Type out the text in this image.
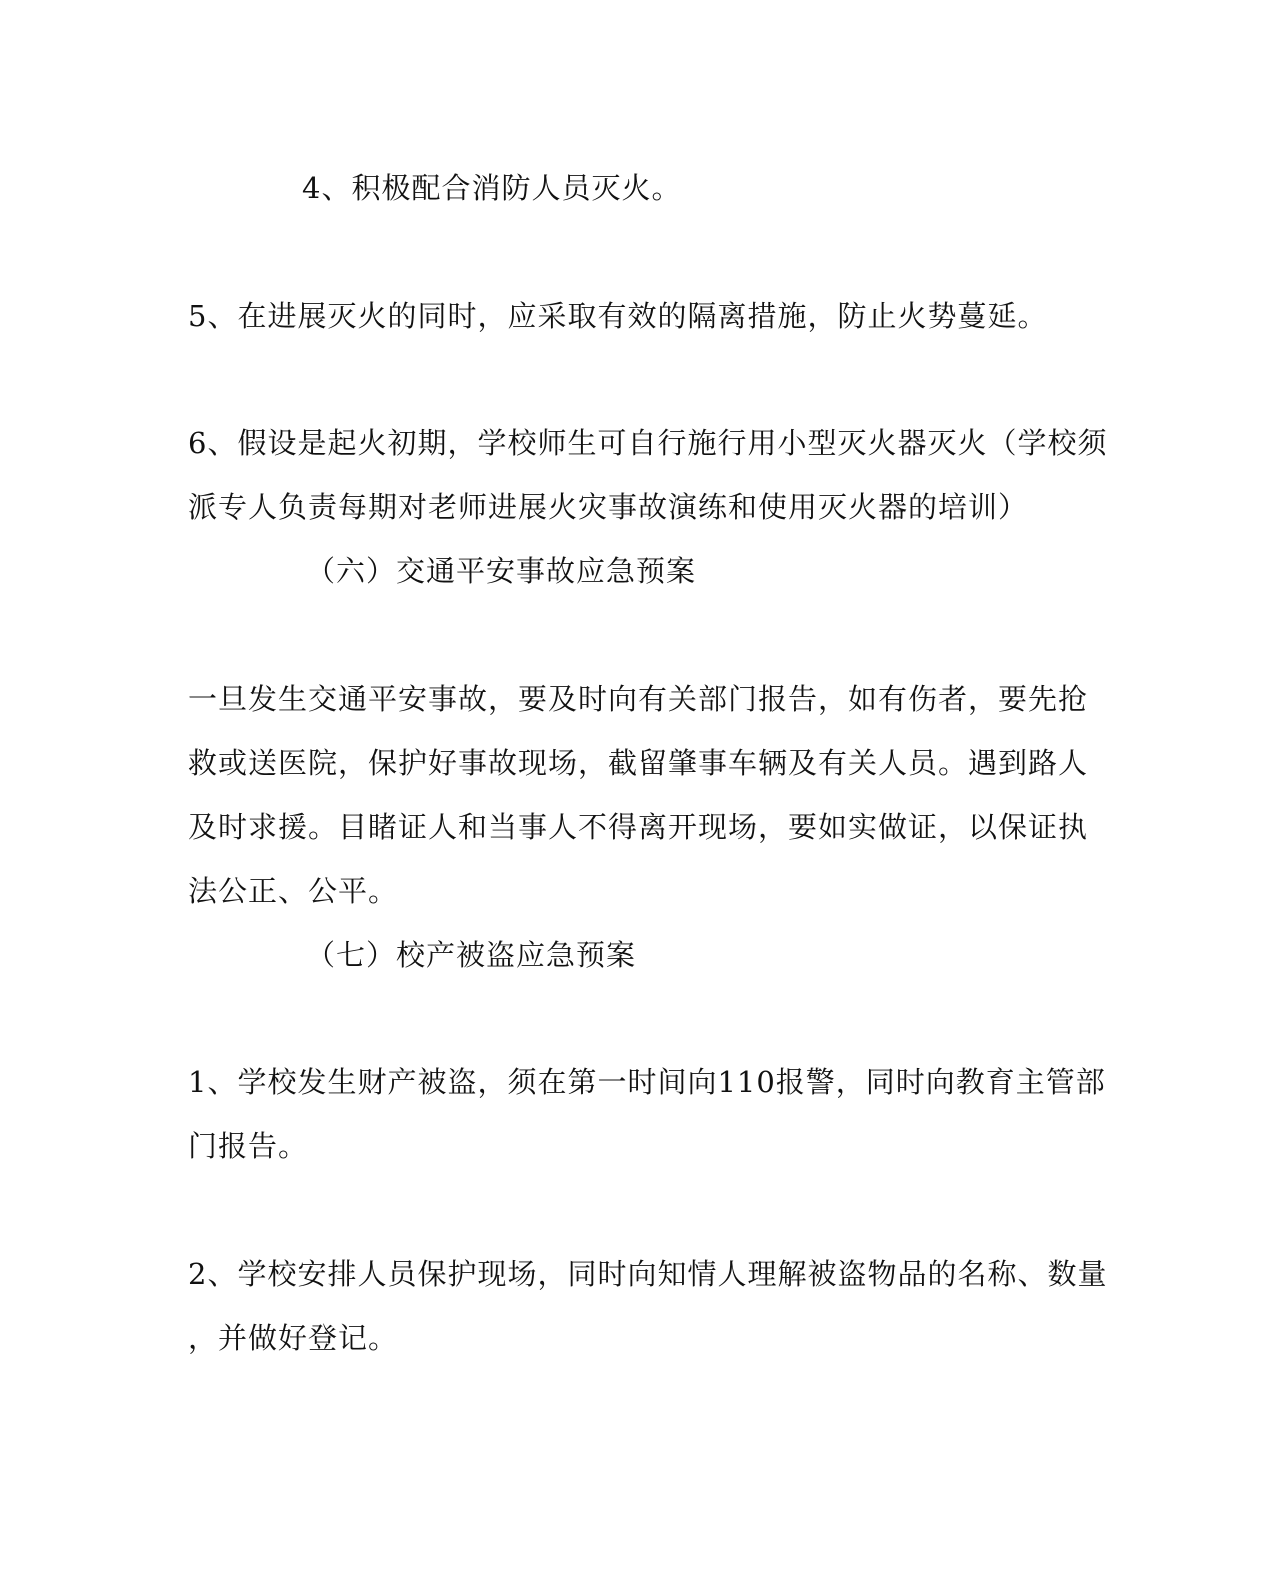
4、积极配合消防人员灭火。
5、在进展灭火的同时，应采取有效的隔离措施，防止火势蔓延。
6、假设是起火初期，学校师生可自行施行用小型灭火器灭火（学校须
派专人负责每期对老师进展火灾事故演练和使用灭火器的培训）
（六）交通平安事故应急预案
一旦发生交通平安事故，要及时向有关部门报告，如有伤者，要先抢
救或送医院，保护好事故现场，截留肇事车辆及有关人员。遇到路人
及时求援。目睹证人和当事人不得离开现场，要如实做证，以保证执
法公正、公平。
（七）校产被盗应急预案
1、学校发生财产被盗，须在第一时间向110报警，同时向教育主管部
门报告。
2、学校安排人员保护现场，同时向知情人理解被盗物品的名称、数量
，并做好登记。
